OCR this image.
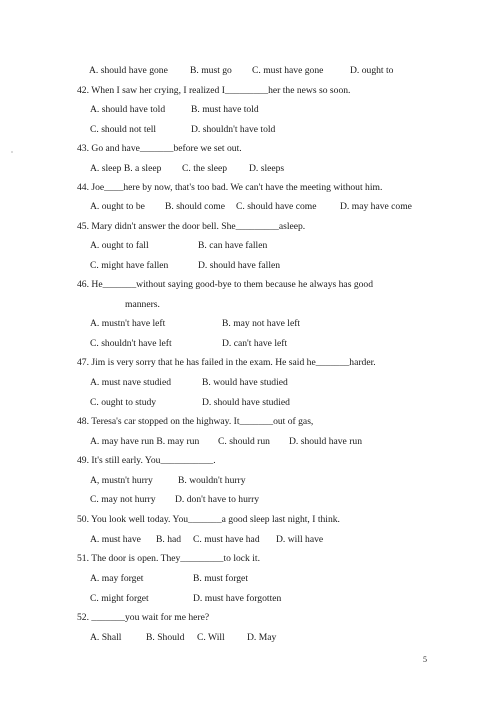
A. should have gone B. must go C. must have gone	D. ought to
42. When I saw her crying, I realized I_________her the news so soon.
A. should have told	B. must have told
C. should not tell	D. shouldn't have told
43. Go and have_______before we set out.
A. sleep B. a sleep C. the sleep D. sleeps
44. Joe____here by now, that's too bad. We can't have the meeting without him.
A. ought to be B. should come C. should have come D. may have come
45. Mary didn't answer the door bell. She_________asleep.
A. ought to fall	B. can have fallen
C. might have fallen	D. should have fallen
46. He_______without saying good-bye to them because he always has good
manners.
A. mustn't have left	B. may not have left
C. shouldn't have left	D. can't have left
47. Jim is very sorry that he has failed in the exam. He said he_______harder.
A. must nave studied	B. would have studied
C. ought to study	D. should have studied
48. Teresa's car stopped on the highway. It_______out of gas,
A. may have run B. may run C. should run D. should have run
49. It's still early. You___________.
A, mustn't hurry	B. wouldn't hurry
C. may not hurry D. don't have to hurry
50. You look well today. You_______a good sleep last night, I think.
A. must have B. had C. must have had D. will have
51. The door is open. They_________to lock it.
A. may forget	B. must forget
C. might forget	D. must have forgotten
52. _______you wait for me here?
A. Shall	B. Should C. Will D. May
5
